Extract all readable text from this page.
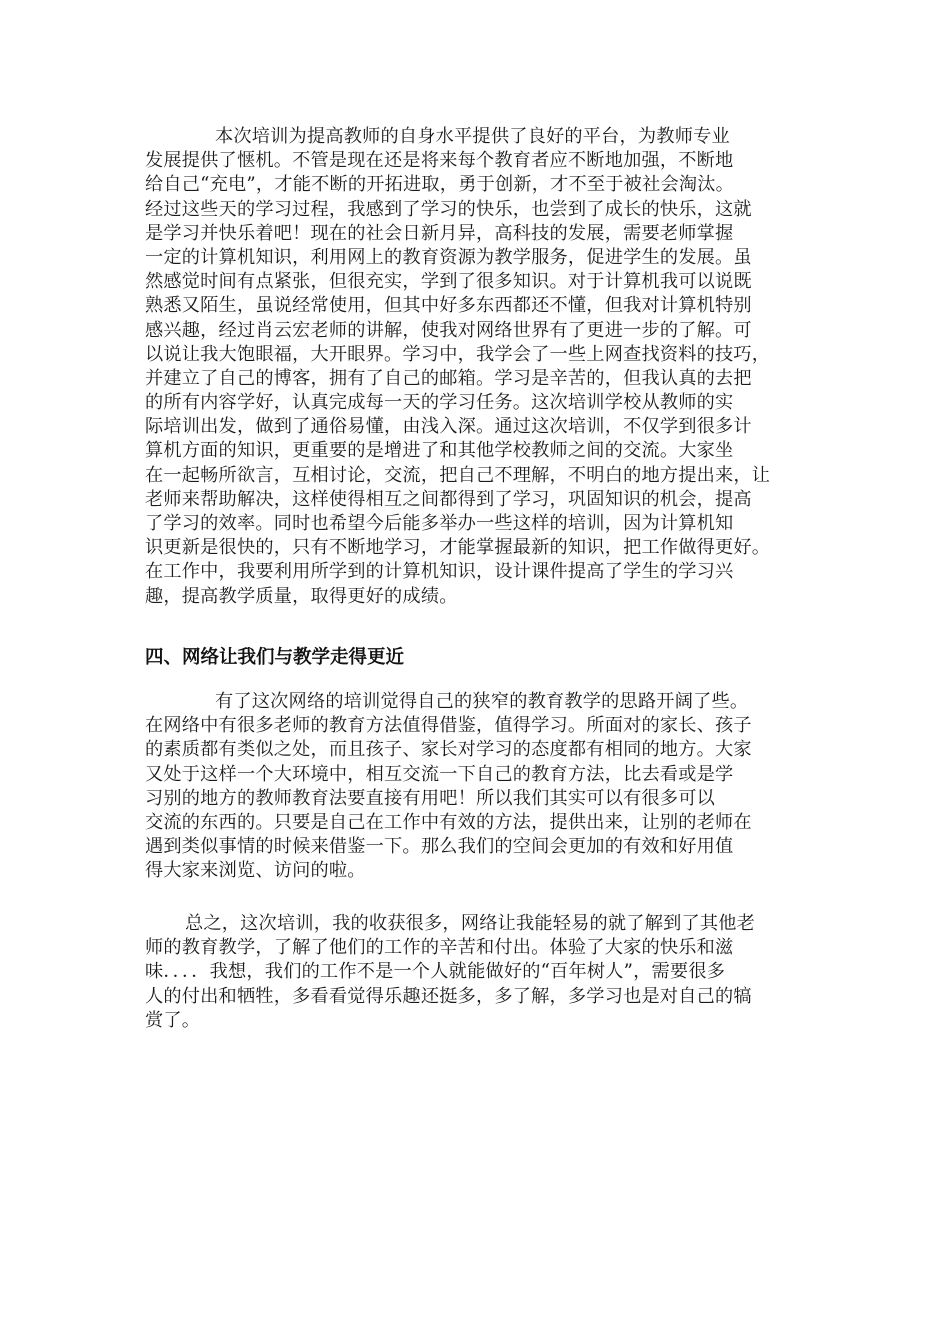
本次培训为提高教师的自身水平提供了良好的平台，为教师专业
发展提供了惬机。不管是现在还是将来每个教育者应不断地加强，不断地
给自己“充电”，才能不断的开拓进取，勇于创新，才不至于被社会淘汰。
经过这些天的学习过程，我感到了学习的快乐，也尝到了成长的快乐，这就
是学习并快乐着吧！现在的社会日新月异，高科技的发展，需要老师掌握
一定的计算机知识，利用网上的教育资源为教学服务，促进学生的发展。虽
然感觉时间有点紧张，但很充实，学到了很多知识。对于计算机我可以说既
熟悉又陌生，虽说经常使用，但其中好多东西都还不懂，但我对计算机特别
感兴趣，经过肖云宏老师的讲解，使我对网络世界有了更进一步的了解。可
以说让我大饱眼福，大开眼界。学习中，我学会了一些上网查找资料的技巧，
并建立了自己的博客，拥有了自己的邮箱。学习是辛苦的，但我认真的去把
的所有内容学好，认真完成每一天的学习任务。这次培训学校从教师的实
际培训出发，做到了通俗易懂，由浅入深。通过这次培训，不仅学到很多计
算机方面的知识，更重要的是增进了和其他学校教师之间的交流。大家坐
在一起畅所欲言，互相讨论，交流，把自己不理解，不明白的地方提出来，让
老师来帮助解决，这样使得相互之间都得到了学习，巩固知识的机会，提高
了学习的效率。同时也希望今后能多举办一些这样的培训，因为计算机知
识更新是很快的，只有不断地学习，才能掌握最新的知识，把工作做得更好。
在工作中，我要利用所学到的计算机知识，设计课件提高了学生的学习兴
趣，提高教学质量，取得更好的成绩。
四、网络让我们与教学走得更近
有了这次网络的培训觉得自己的狭窄的教育教学的思路开阔了些。
在网络中有很多老师的教育方法值得借鉴，值得学习。所面对的家长、孩子
的素质都有类似之处，而且孩子、家长对学习的态度都有相同的地方。大家
又处于这样一个大环境中，相互交流一下自己的教育方法，比去看或是学
习别的地方的教师教育法要直接有用吧！所以我们其实可以有很多可以
交流的东西的。只要是自己在工作中有效的方法，提供出来，让别的老师在
遇到类似事情的时候来借鉴一下。那么我们的空间会更加的有效和好用值
得大家来浏览、访问的啦。
总之，这次培训，我的收获很多，网络让我能轻易的就了解到了其他老
师的教育教学，了解了他们的工作的辛苦和付出。体验了大家的快乐和滋
味．．．．我想，我们的工作不是一个人就能做好的“百年树人”，需要很多
人的付出和牺牲，多看看觉得乐趣还挺多，多了解，多学习也是对自己的犒
赏了。
